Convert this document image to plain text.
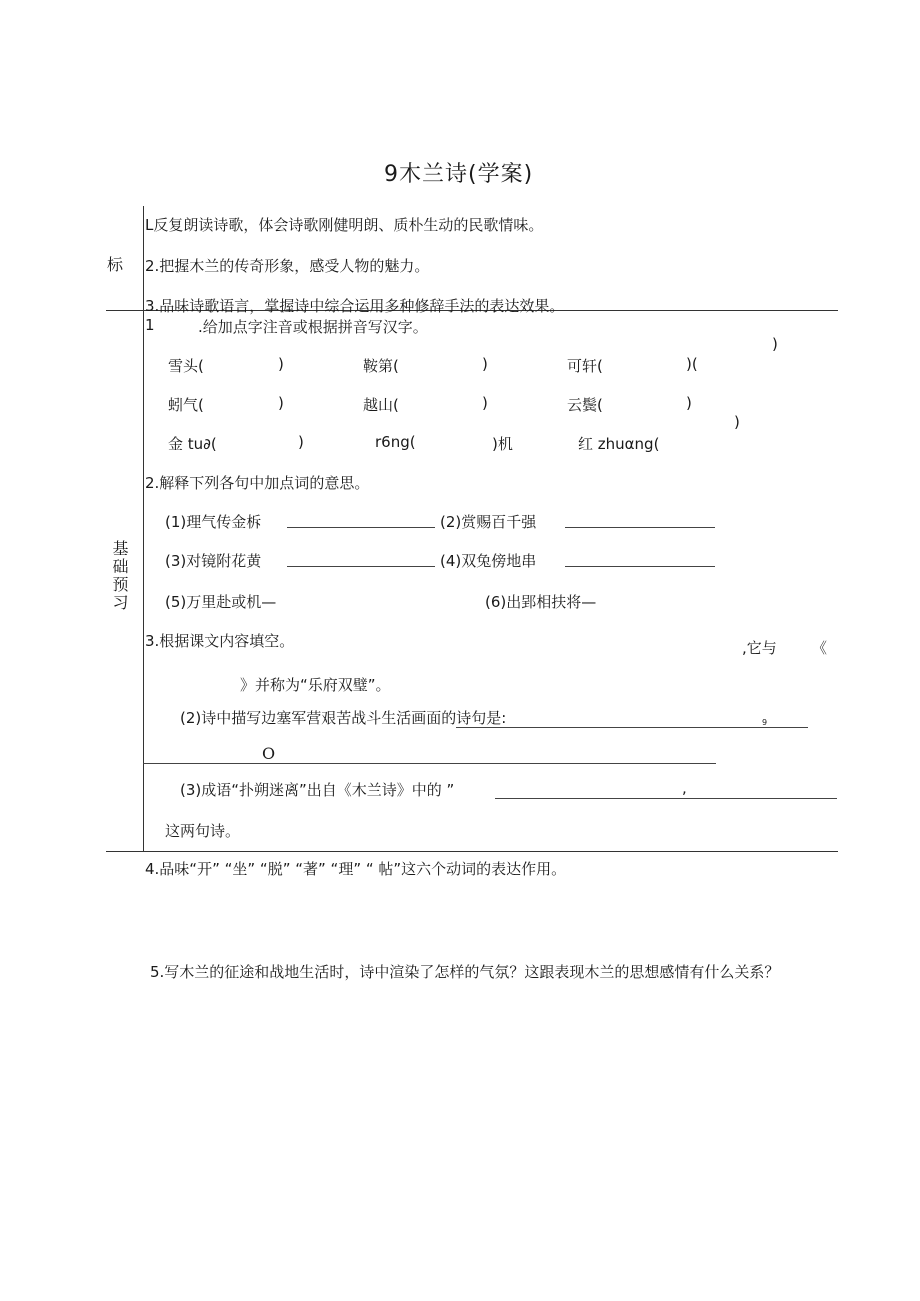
9木兰诗(学案)
标
L反复朗读诗歌，体会诗歌刚健明朗、质朴生动的民歌情味。
2.把握木兰的传奇形象，感受人物的魅力。
3.品味诗歌语言，掌握诗中综合运用多种修辞手法的表达效果。
基础预习
1	.给加点字注音或根据拼音写汉字。
雪头(	)	鞍第(	)	可轩(	)(
)
蚓气(	)	越山(	)	云鬓(	)
)
金 tu∂(	)	r6ng(	)机	红 zhuαng(
2.解释下列各句中加点词的意思。
(1)理气传金柝	(2)赏赐百千强
(3)对镜附花黄	(4)双兔傍地串
(5)万里赴或机—	(6)出郢相扶将—
3.根据课文内容填空。	,它与 《
》并称为“乐府双璧”。
(2)诗中描写边塞军营艰苦战斗生活画面的诗句是:	9
O
(3)成语“扑朔迷离”出自《木兰诗》中的 ”	,
这两句诗。
4.品味“开” “坐” “脱” “著” “理” “ 帖”这六个动词的表达作用。
5.写木兰的征途和战地生活时，诗中渲染了怎样的气氛？这跟表现木兰的思想感情有什么关系？
